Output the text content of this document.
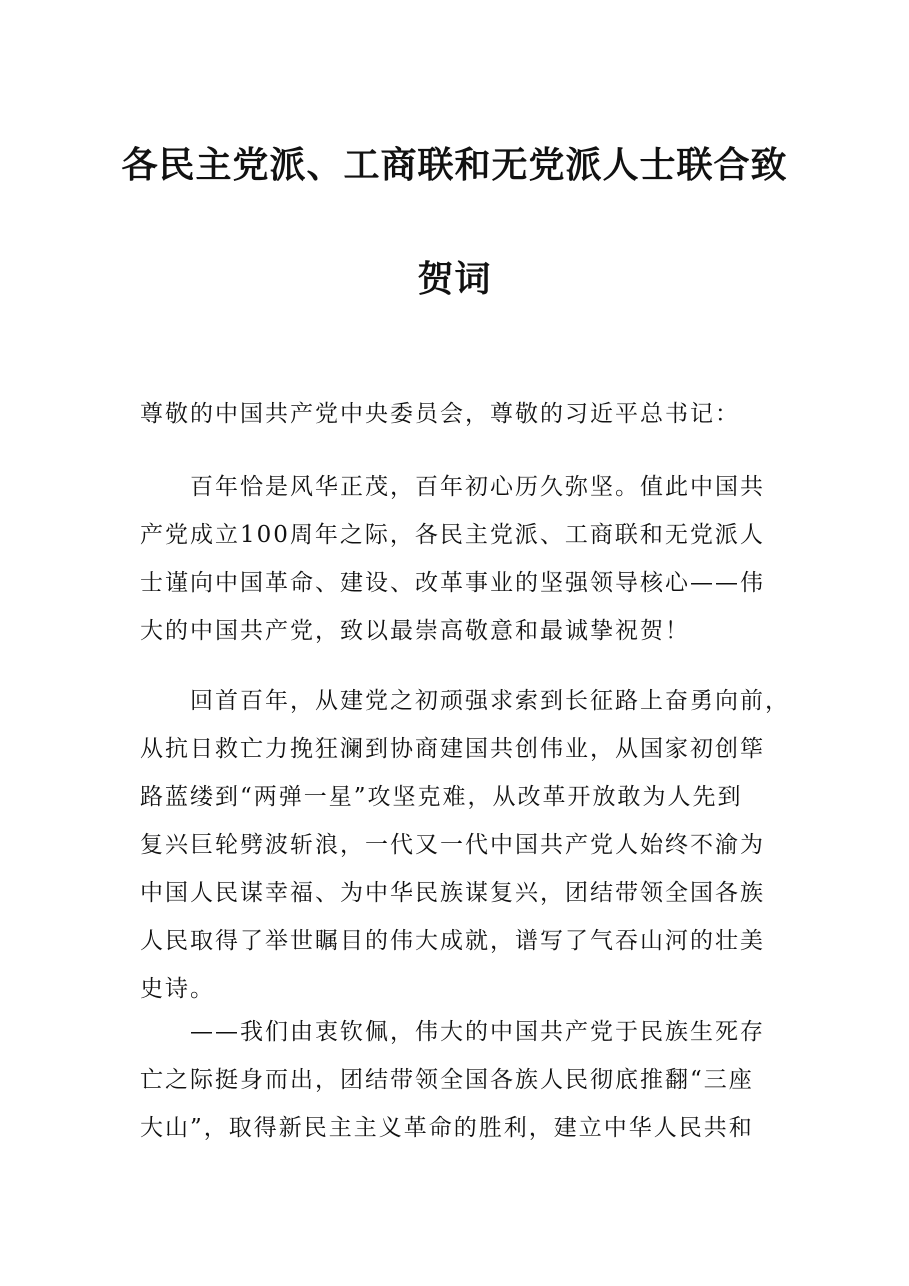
各民主党派、工商联和无党派人士联合致
贺词
尊敬的中国共产党中央委员会，尊敬的习近平总书记：
　　百年恰是风华正茂，百年初心历久弥坚。值此中国共
产党成立100周年之际，各民主党派、工商联和无党派人
士谨向中国革命、建设、改革事业的坚强领导核心——伟
大的中国共产党，致以最崇高敬意和最诚挚祝贺！
　　回首百年，从建党之初顽强求索到长征路上奋勇向前，
从抗日救亡力挽狂澜到协商建国共创伟业，从国家初创筚
路蓝缕到“两弹一星”攻坚克难，从改革开放敢为人先到
复兴巨轮劈波斩浪，一代又一代中国共产党人始终不渝为
中国人民谋幸福、为中华民族谋复兴，团结带领全国各族
人民取得了举世瞩目的伟大成就，谱写了气吞山河的壮美
史诗。
　　——我们由衷钦佩，伟大的中国共产党于民族生死存
亡之际挺身而出，团结带领全国各族人民彻底推翻“三座
大山”，取得新民主主义革命的胜利，建立中华人民共和
